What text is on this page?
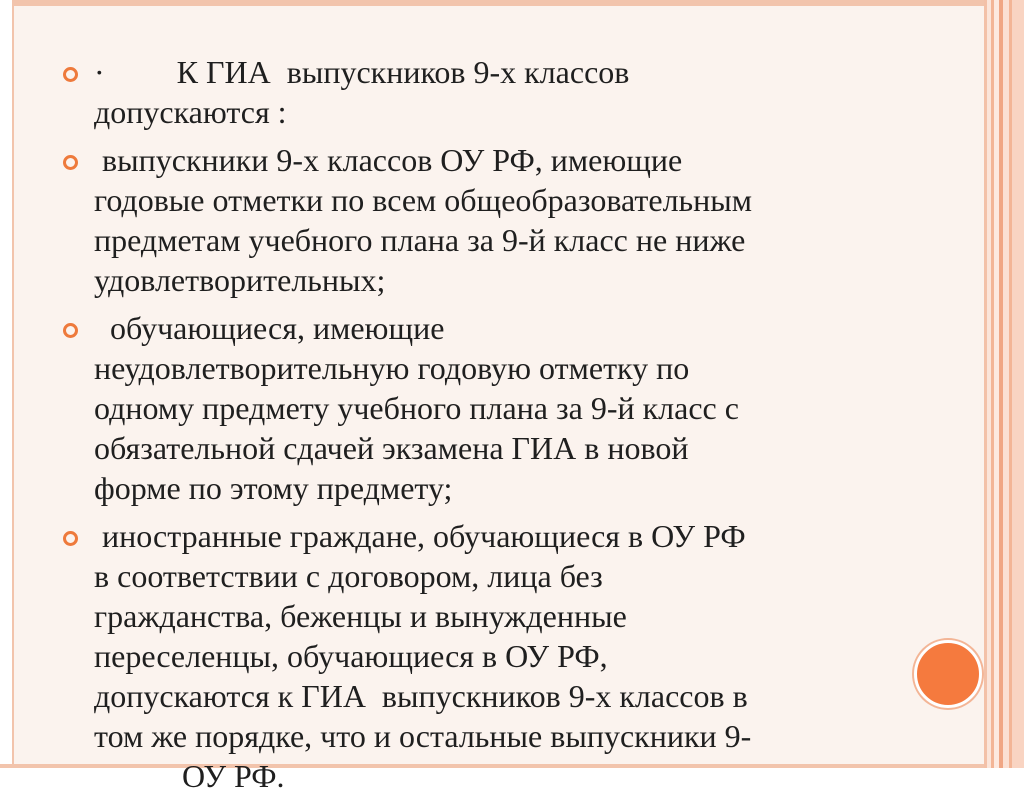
·         К ГИА  выпускников 9-х классов
допускаются :
выпускники 9-х классов ОУ РФ, имеющие
годовые отметки по всем общеобразовательным
предметам учебного плана за 9-й класс не ниже
удовлетворительных;
обучающиеся, имеющие
неудовлетворительную годовую отметку по
одному предмету учебного плана за 9-й класс с
обязательной сдачей экзамена ГИА в новой
форме по этому предмету;
иностранные граждане, обучающиеся в ОУ РФ
в соответствии с договором, лица без
гражданства, беженцы и вынужденные
переселенцы, обучающиеся в ОУ РФ,
допускаются к ГИА  выпускников 9-х классов в
том же порядке, что и остальные выпускники 9-
ОУ РФ.
